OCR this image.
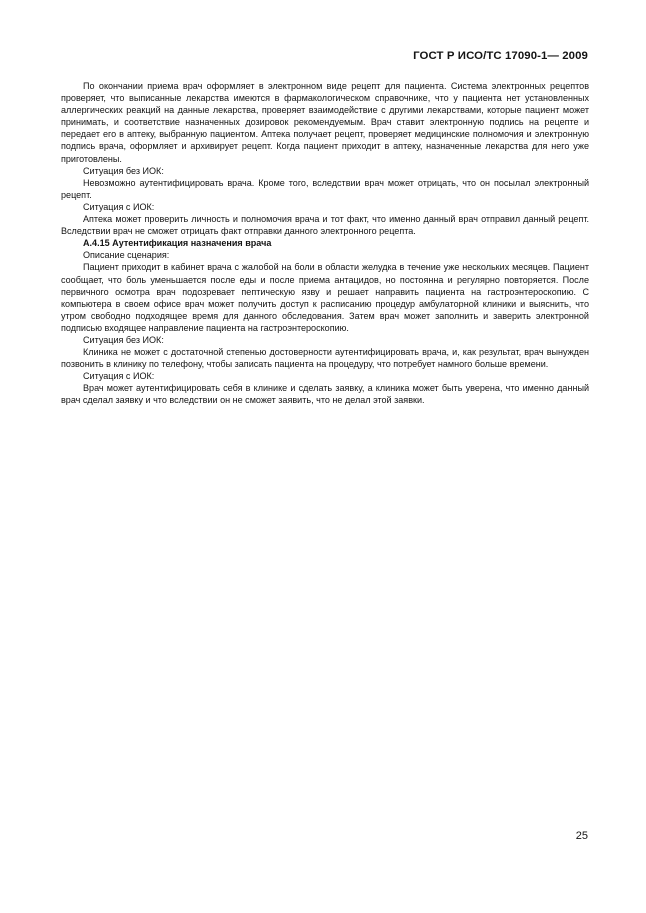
ГОСТ Р ИСО/ТС 17090-1— 2009

По окончании приема врач оформляет в электронном виде рецепт для пациента. Система электронных рецептов проверяет, что выписанные лекарства имеются в фармакологическом справочнике, что у пациента нет установленных аллергических реакций на данные лекарства, проверяет взаимодействие с другими лекарствами, которые пациент может принимать, и соответствие назначенных дозировок рекомендуемым. Врач ставит электронную подпись на рецепте и передает его в аптеку, выбранную пациентом. Аптека получает рецепт, проверяет медицинские полномочия и электронную подпись врача, оформляет и архивирует рецепт. Когда пациент приходит в аптеку, назначенные лекарства для него уже приготовлены.

Ситуация без ИОК:

Невозможно аутентифицировать врача. Кроме того, вследствии врач может отрицать, что он посылал электронный рецепт.

Ситуация с ИОК:

Аптека может проверить личность и полномочия врача и тот факт, что именно данный врач отправил данный рецепт. Вследствии врач не сможет отрицать факт отправки данного электронного рецепта.

А.4.15 Аутентификация назначения врача

Описание сценария:

Пациент приходит в кабинет врача с жалобой на боли в области желудка в течение уже нескольких месяцев. Пациент сообщает, что боль уменьшается после еды и после приема антацидов, но постоянна и регулярно повторяется. После первичного осмотра врач подозревает пептическую язву и решает направить пациента на гастроэнтероскопию. С компьютера в своем офисе врач может получить доступ к расписанию процедур амбулаторной клиники и выяснить, что утром свободно подходящее время для данного обследования. Затем врач может заполнить и заверить электронной подписью входящее направление пациента на гастроэнтероскопию.

Ситуация без ИОК:

Клиника не может с достаточной степенью достоверности аутентифицировать врача, и, как результат, врач вынужден позвонить в клинику по телефону, чтобы записать пациента на процедуру, что потребует намного больше времени.

Ситуация с ИОК:

Врач может аутентифицировать себя в клинике и сделать заявку, а клиника может быть уверена, что именно данный врач сделал заявку и что вследствии он не сможет заявить, что не делал этой заявки.

25
